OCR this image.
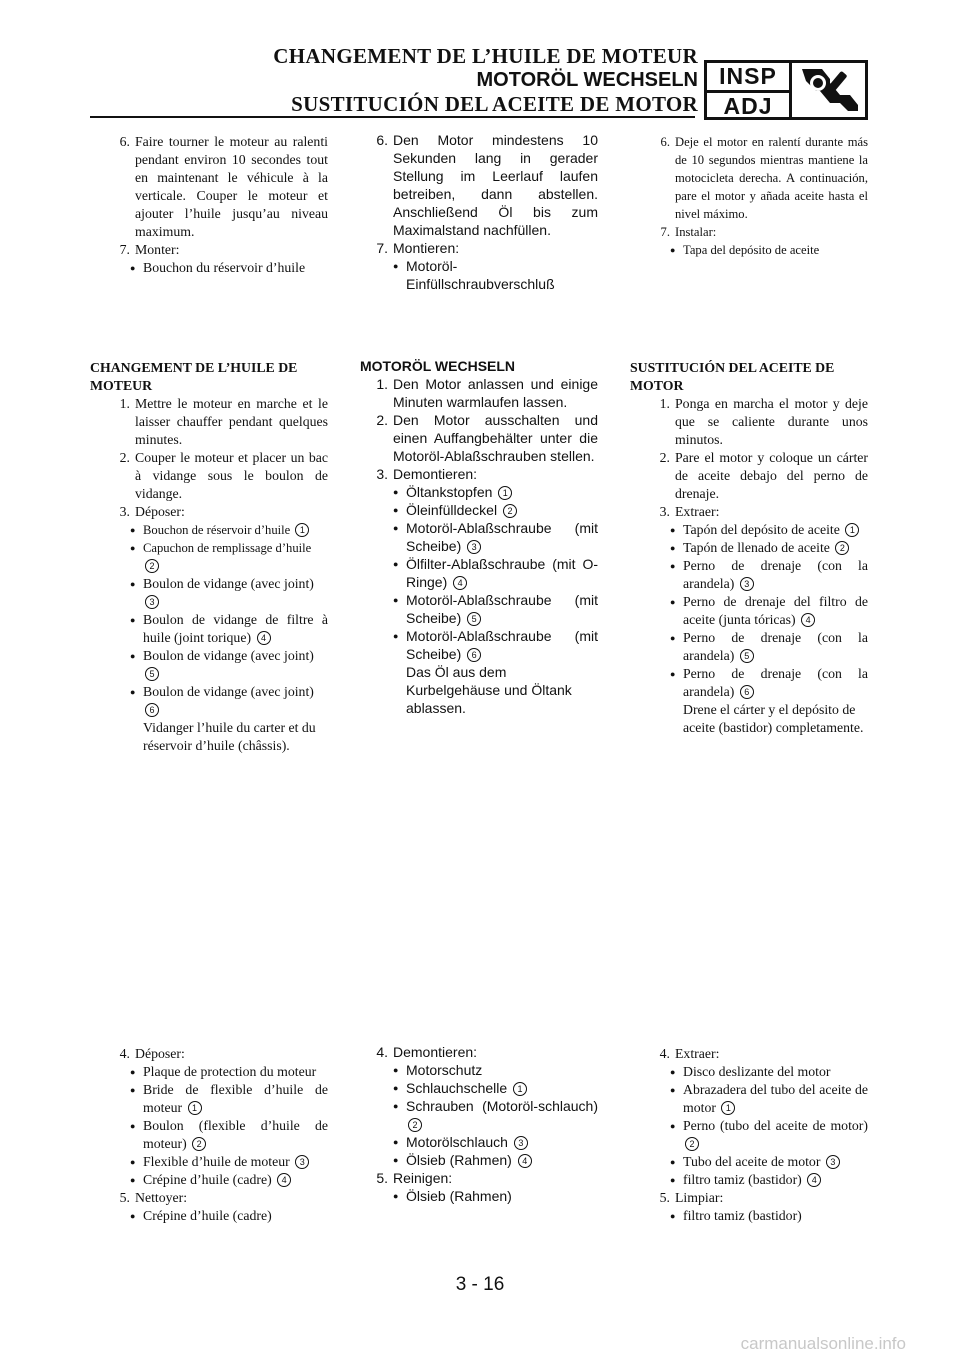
CHANGEMENT DE L’HUILE DE MOTEUR
MOTORÖL WECHSELN
SUSTITUCIÓN DEL ACEITE DE MOTOR
INSP
ADJ
6. Faire tourner le moteur au ralenti pendant environ 10 secondes tout en maintenant le véhicule à la verticale. Couper le moteur et ajouter l’huile jusqu’au niveau maximum.
7. Monter:
● Bouchon du réservoir d’huile
CHANGEMENT DE L’HUILE DE MOTEUR
1. Mettre le moteur en marche et le laisser chauffer pendant quelques minutes.
2. Couper le moteur et placer un bac à vidange sous le boulon de vidange.
3. Déposer:
● Bouchon de réservoir d’huile 1
● Capuchon de remplissage d’huile
2
● Boulon de vidange (avec joint)
3
● Boulon de vidange de filtre à huile (joint torique) 4
● Boulon de vidange (avec joint)
5
● Boulon de vidange (avec joint)
6
Vidanger l’huile du carter et du réservoir d’huile (châssis).
4. Déposer:
● Plaque de protection du moteur
● Bride de flexible d’huile de moteur 1
● Boulon (flexible d’huile de moteur) 2
● Flexible d’huile de moteur 3
● Crépine d’huile (cadre) 4
5. Nettoyer:
● Crépine d’huile (cadre)
6. Den Motor mindestens 10 Sekunden lang in gerader Stellung im Leerlauf laufen betreiben, dann abstellen. Anschließend Öl bis zum Maximalstand nachfüllen.
7. Montieren:
● Motoröl-Einfüllschraubverschluß
MOTORÖL WECHSELN
1. Den Motor anlassen und einige Minuten warmlaufen lassen.
2. Den Motor ausschalten und einen Auffangbehälter unter die Motoröl-Ablaßschrauben stellen.
3. Demontieren:
● Öltankstopfen 1
● Öleinfülldeckel 2
● Motoröl-Ablaßschraube (mit Scheibe) 3
● Ölfilter-Ablaßschraube (mit O-Ringe) 4
● Motoröl-Ablaßschraube (mit Scheibe) 5
● Motoröl-Ablaßschraube (mit Scheibe) 6
Das Öl aus dem Kurbelgehäuse und Öltank ablassen.
4. Demontieren:
● Motorschutz
● Schlauchschelle 1
● Schrauben (Motoröl-schlauch) 2
● Motorölschlauch 3
● Ölsieb (Rahmen) 4
5. Reinigen:
● Ölsieb (Rahmen)
6. Deje el motor en ralentí durante más de 10 segundos mientras mantiene la motocicleta derecha. A continuación, pare el motor y añada aceite hasta el nivel máximo.
7. Instalar:
● Tapa del depósito de aceite
SUSTITUCIÓN DEL ACEITE DE MOTOR
1. Ponga en marcha el motor y deje que se caliente durante unos minutos.
2. Pare el motor y coloque un cárter de aceite debajo del perno de drenaje.
3. Extraer:
● Tapón del depósito de aceite 1
● Tapón de llenado de aceite 2
● Perno de drenaje (con la arandela) 3
● Perno de drenaje del filtro de aceite (junta tóricas) 4
● Perno de drenaje (con la arandela) 5
● Perno de drenaje (con la arandela) 6
Drene el cárter y el depósito de aceite (bastidor) completamente.
4. Extraer:
● Disco deslizante del motor
● Abrazadera del tubo del aceite de motor 1
● Perno (tubo del aceite de motor) 2
● Tubo del aceite de motor 3
● filtro tamiz (bastidor) 4
5. Limpiar:
● filtro tamiz (bastidor)
3 - 16
carmanualsonline.info
